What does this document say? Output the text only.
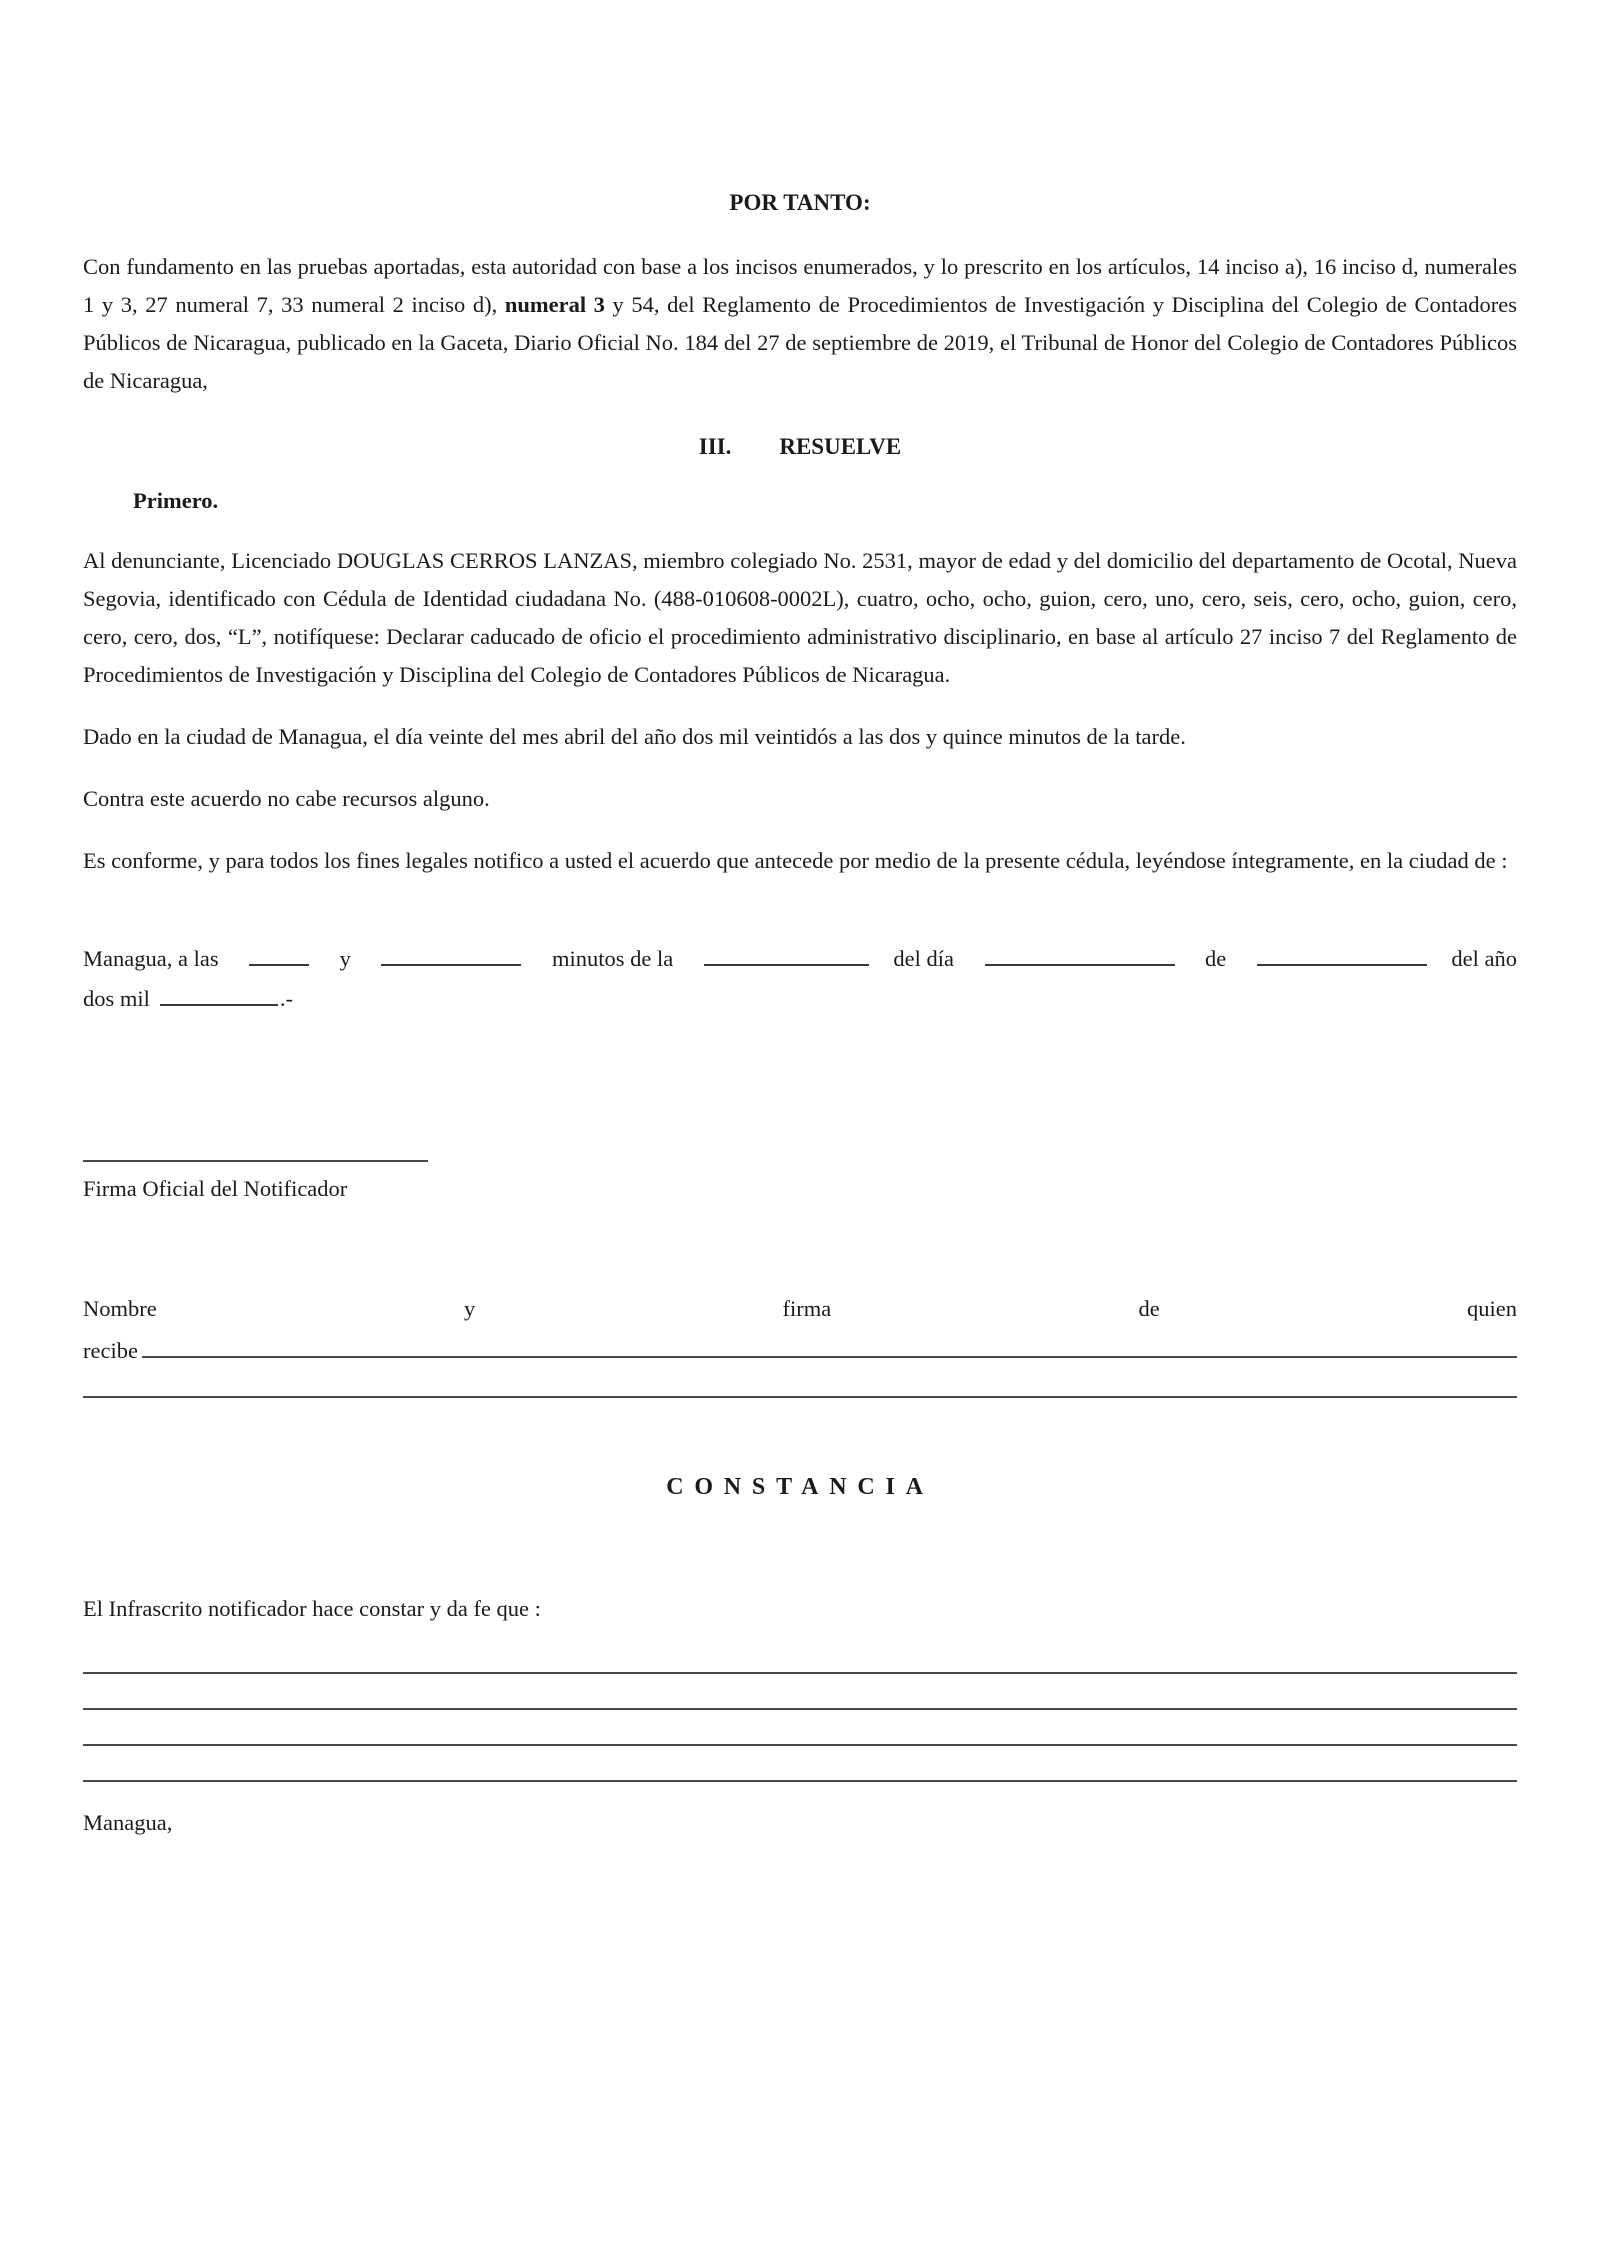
POR TANTO:

Con fundamento en las pruebas aportadas, esta autoridad con base a los incisos enumerados, y lo prescrito en los artículos, 14 inciso a), 16 inciso d, numerales 1 y 3, 27 numeral 7, 33 numeral 2 inciso d), numeral 3 y 54, del Reglamento de Procedimientos de Investigación y Disciplina del Colegio de Contadores Públicos de Nicaragua, publicado en la Gaceta, Diario Oficial No. 184 del 27 de septiembre de 2019, el Tribunal de Honor del Colegio de Contadores Públicos de Nicaragua,

III. RESUELVE

Primero.

Al denunciante, Licenciado DOUGLAS CERROS LANZAS, miembro colegiado No. 2531, mayor de edad y del domicilio del departamento de Ocotal, Nueva Segovia, identificado con Cédula de Identidad ciudadana No. (488-010608-0002L), cuatro, ocho, ocho, guion, cero, uno, cero, seis, cero, ocho, guion, cero, cero, cero, dos, “L”, notifíquese: Declarar caducado de oficio el procedimiento administrativo disciplinario, en base al artículo 27 inciso 7 del Reglamento de Procedimientos de Investigación y Disciplina del Colegio de Contadores Públicos de Nicaragua.

Dado en la ciudad de Managua, el día veinte del mes abril del año dos mil veintidós a las dos y quince minutos de la tarde.

Contra este acuerdo no cabe recursos alguno.

Es conforme, y para todos los fines legales notifico a usted el acuerdo que antecede por medio de la presente cédula, leyéndose íntegramente, en la ciudad de :

Managua, a las	y	minutos de la	del día	de	del año
dos mil	.-

Firma Oficial del Notificador

Nombre	y	firma	de	quien
recibe

CONSTANCIA

El Infrascrito notificador hace constar y da fe que :

Managua,
